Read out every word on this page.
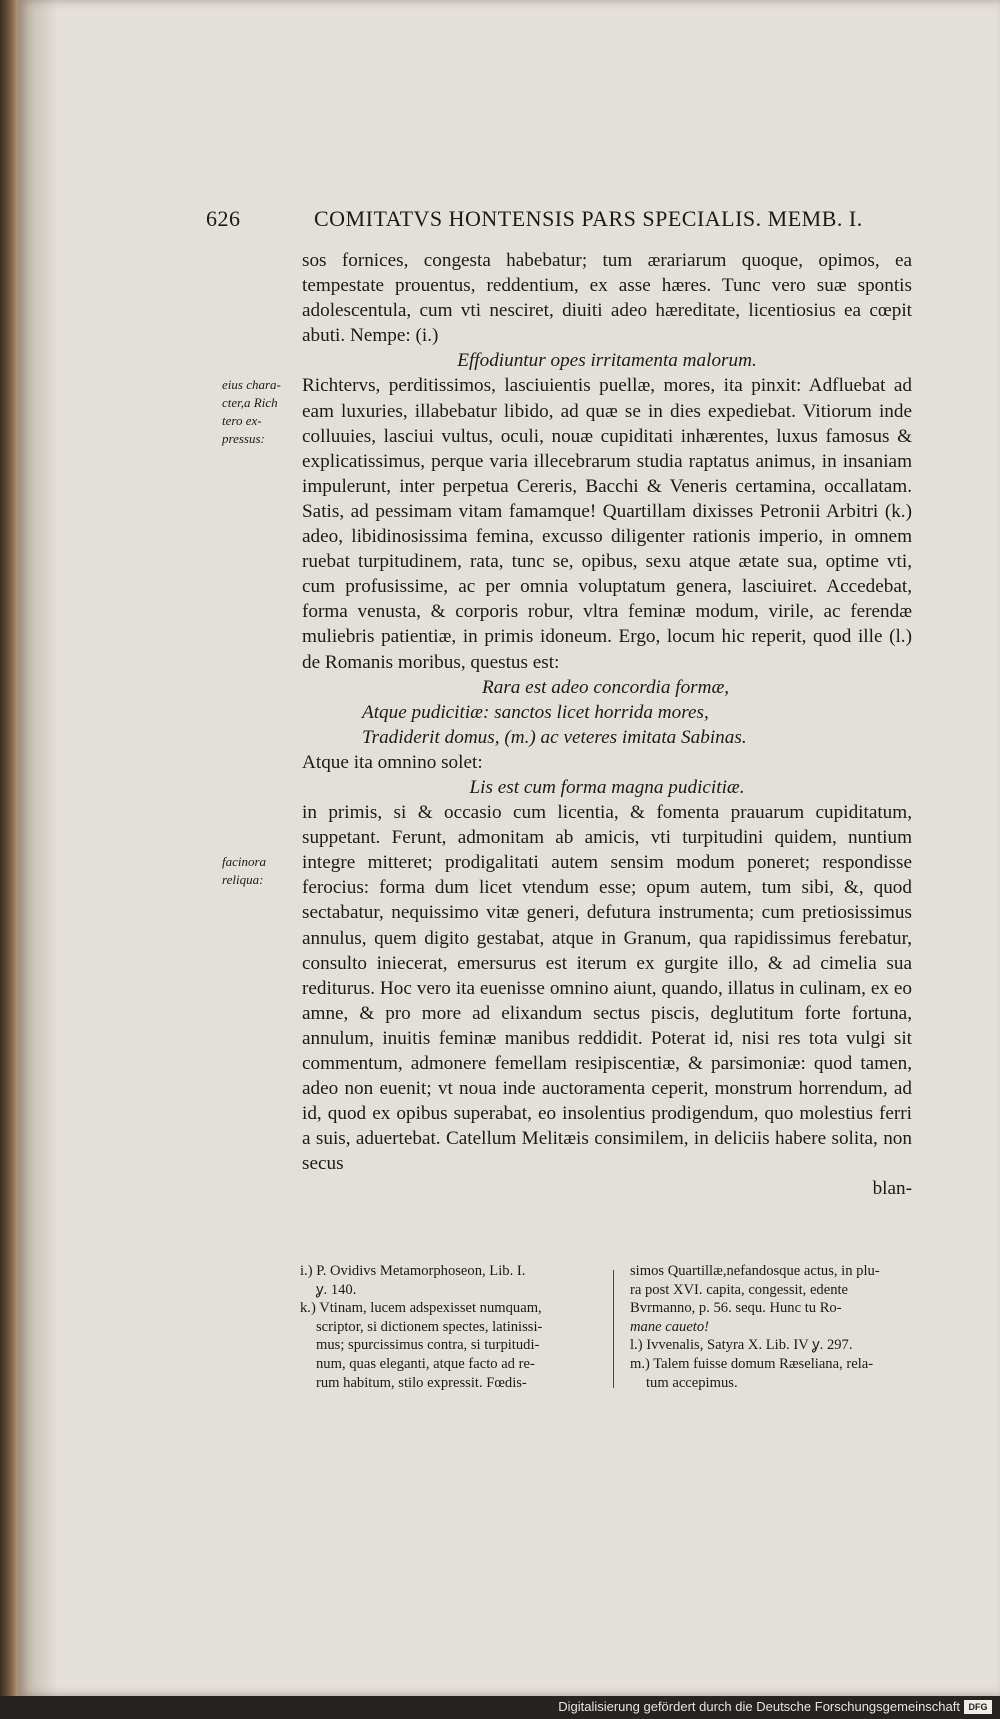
626	COMITATVS HONTENSIS PARS SPECIALIS. MEMB. I.
eius chara-cter,a Rich tero ex-pressus:
facinora reliqua:

sos fornices, congesta habebatur; tum ærariarum quoque, opimos, ea tempestate prouentus, reddentium, ex asse hæres. Tunc vero suæ spontis adolescentula, cum vti nesciret, diuiti adeo hæreditate, licentiosius ea cœpit abuti. Nempe: (i.)

Effodiuntur opes irritamenta malorum.

Richtervs, perditissimos, lasciuientis puellæ, mores, ita pinxit: Adfluebat ad eam luxuries, illabebatur libido, ad quæ se in dies expediebat. Vitiorum inde colluuies, lasciui vultus, oculi, nouæ cupiditati inhærentes, luxus famosus & explicatissimus, perque varia illecebrarum studia raptatus animus, in insaniam impulerunt, inter perpetua Cereris, Bacchi & Veneris certamina, occallatam. Satis, ad pessimam vitam famamque! Quartillam dixisses Petronii Arbitri (k.) adeo, libidinosissima femina, excusso diligenter rationis imperio, in omnem ruebat turpitudinem, rata, tunc se, opibus, sexu atque ætate sua, optime vti, cum profusissime, ac per omnia voluptatum genera, lasciuiret. Accedebat, forma venusta, & corporis robur, vltra feminæ modum, virile, ac ferendæ muliebris patientiæ, in primis idoneum. Ergo, locum hic reperit, quod ille (l.) de Romanis moribus, questus est:

Rara est adeo concordia formæ,

Atque pudicitiæ: sanctos licet horrida mores,

Tradiderit domus, (m.) ac veteres imitata Sabinas.

Atque ita omnino solet:

Lis est cum forma magna pudicitiæ.

in primis, si & occasio cum licentia, & fomenta prauarum cupiditatum, suppetant. Ferunt, admonitam ab amicis, vti turpitudini quidem, nuntium integre mitteret; prodigalitati autem sensim modum poneret; respondisse ferocius: forma dum licet vtendum esse; opum autem, tum sibi, &, quod sectabatur, nequissimo vitæ generi, defutura instrumenta; cum pretiosissimus annulus, quem digito gestabat, atque in Granum, qua rapidissimus ferebatur, consulto iniecerat, emersurus est iterum ex gurgite illo, & ad cimelia sua rediturus. Hoc vero ita euenisse omnino aiunt, quando, illatus in culinam, ex eo amne, & pro more ad elixandum sectus piscis, deglutitum forte fortuna, annulum, inuitis feminæ manibus reddidit. Poterat id, nisi res tota vulgi sit commentum, admonere femellam resipiscentiæ, & parsimoniæ: quod tamen, adeo non euenit; vt noua inde auctoramenta ceperit, monstrum horrendum, ad id, quod ex opibus superabat, eo insolentius prodigendum, quo molestius ferri a suis, aduertebat. Catellum Melitæis consimilem, in deliciis habere solita, non secus

blan-

i.) P. Ovidivs Metamorphoseon, Lib. I.

ỿ. 140.

k.) Vtinam, lucem adspexisset numquam,

scriptor, si dictionem spectes, latinissi-

mus; spurcissimus contra, si turpitudi-

num, quas eleganti, atque facto ad re-

rum habitum, stilo expressit. Fœdis-

simos Quartillæ,nefandosque actus, in plu-

ra post XVI. capita, congessit, edente

Bvrmanno, p. 56. sequ. Hunc tu Ro-

mane caueto!

l.) Ivvenalis, Satyra X. Lib. IV ỿ. 297.

m.) Talem fuisse domum Ræseliana, rela-

tum accepimus.

Digitalisierung gefördert durch die Deutsche Forschungsgemeinschaft DFG
